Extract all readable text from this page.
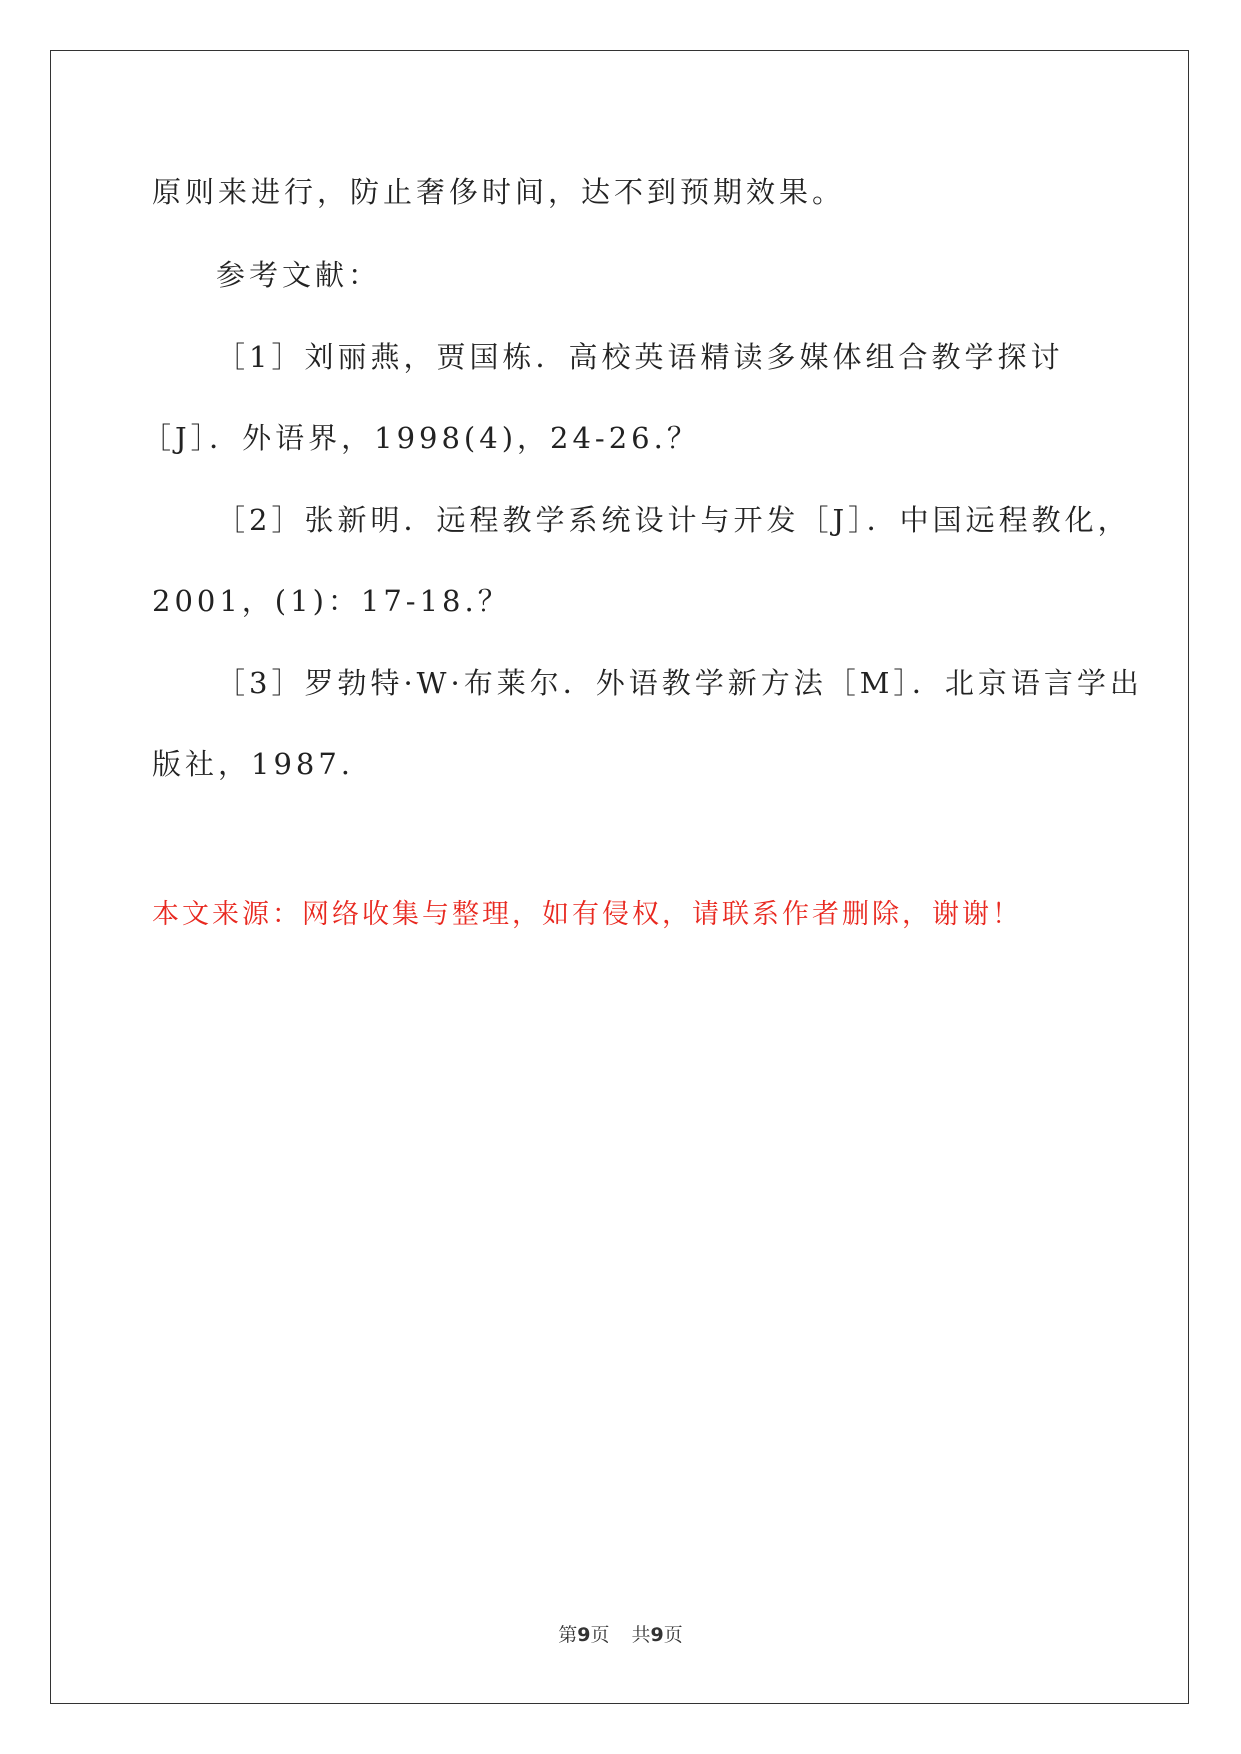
原则来进行，防止奢侈时间，达不到预期效果。
参考文献：
［1］刘丽燕，贾国栋．高校英语精读多媒体组合教学探讨
［J］．外语界，1998(4)，24-26.？
［2］张新明．远程教学系统设计与开发［J］．中国远程教化，
2001，(1)：17-18.？
［3］罗勃特·W·布莱尔．外语教学新方法［M］．北京语言学出
版社，1987.
本文来源：网络收集与整理，如有侵权，请联系作者删除，谢谢！
第9页 共9页
